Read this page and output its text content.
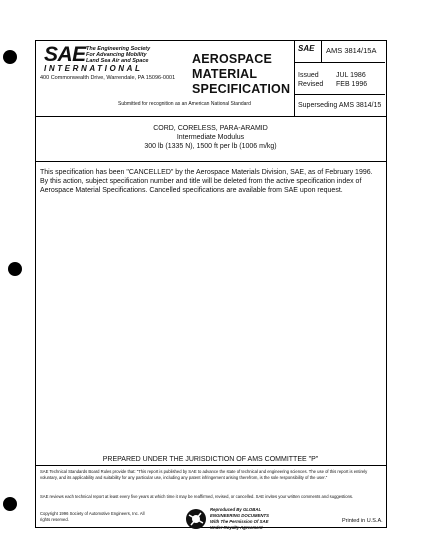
SAE The Engineering Society
For Advancing Mobility
Land Sea Air and Space
INTERNATIONAL
400 Commonwealth Drive, Warrendale, PA 15096-0001
AEROSPACE
MATERIAL
SPECIFICATION
Submitted for recognition as an American National Standard
SAE AMS 3814/15A
Issued JUL 1986
Revised FEB 1996
Superseding AMS 3814/15
CORD, CORELESS, PARA-ARAMID
Intermediate Modulus
300 lb (1335 N), 1500 ft per lb (1006 m/kg)
This specification has been "CANCELLED" by the Aerospace Materials Division, SAE, as of February 1996. By this action, subject specification number and title will be deleted from the active specification index of Aerospace Material Specifications. Cancelled specifications are available from SAE upon request.
PREPARED UNDER THE JURISDICTION OF AMS COMMITTEE "P"
SAE Technical Standards Board Rules provide that: "This report is published by SAE to advance the state of technical and engineering sciences. The use of this report is entirely voluntary, and its applicability and suitability for any particular use, including any patent infringement arising therefrom, is the sole responsibility of the user."
SAE reviews each technical report at least every five years at which time it may be reaffirmed, revised, or cancelled. SAE invites your written comments and suggestions.
Copyright 1996 Society of Automotive Engineers, Inc. All rights reserved.
Reproduced By GLOBAL
ENGINEERING DOCUMENTS
With The Permission Of SAE
Under Royalty Agreement
Printed in U.S.A.
